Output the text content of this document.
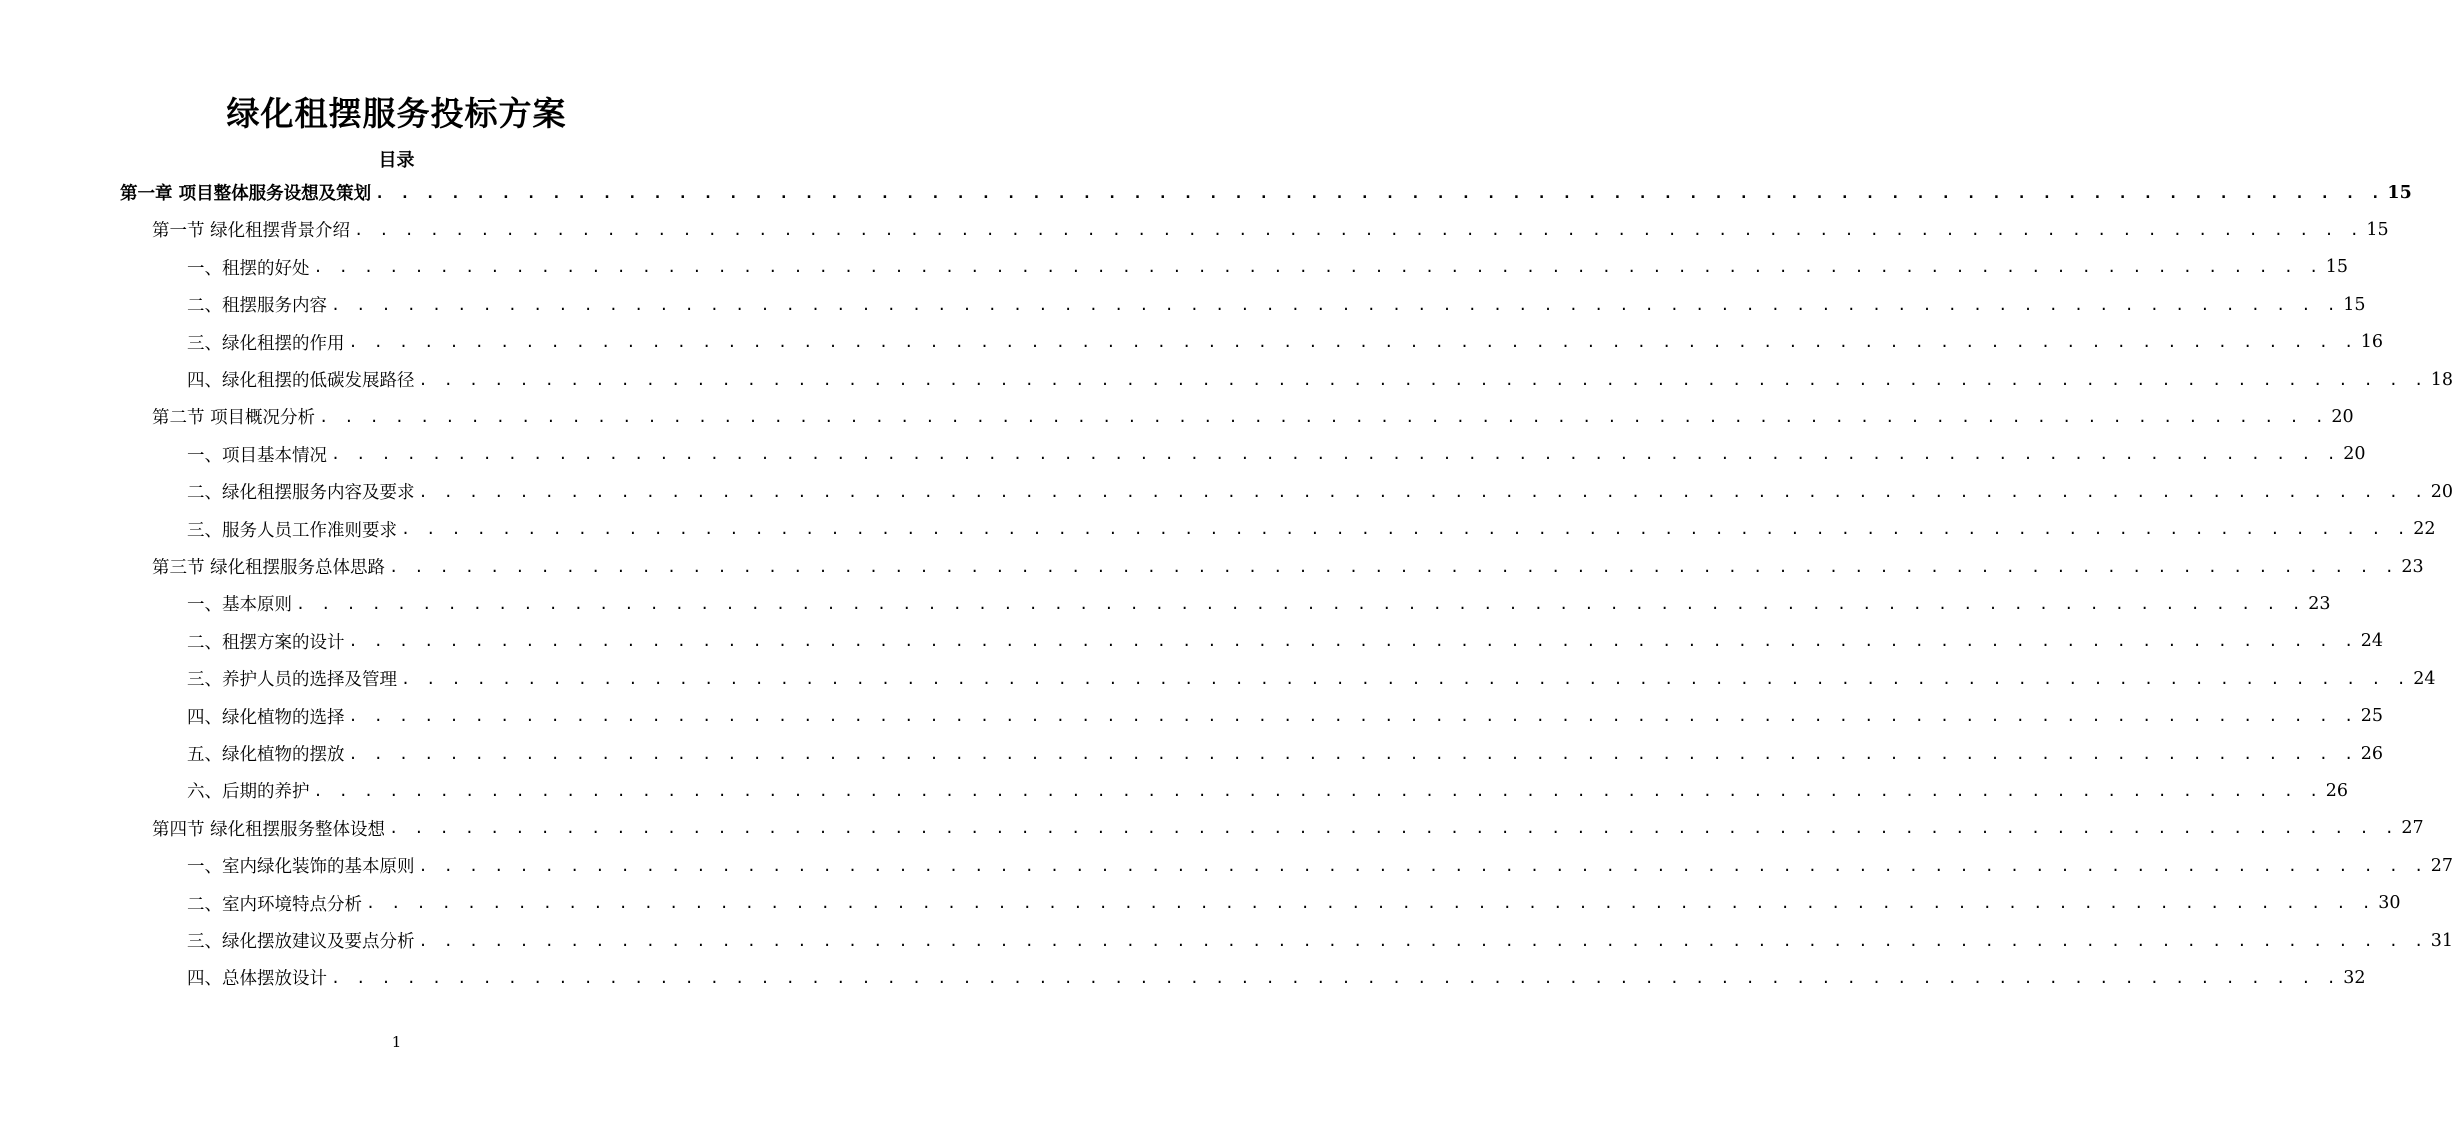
绿化租摆服务投标方案
目录
第一章 项目整体服务设想及策划 . . . . . . . . . . . . . . . . . . . . . . . . . . . . . . . . . . . . . . . . . . . . . . . . . . . . . . . . . . . . . . . . . . . . . . . . . . . . . . . . 15
第一节 绿化租摆背景介绍 . . . . . . . . . . . . . . . . . . . . . . . . . . . . . . . . . . . . . . . . . . . . . . . . . . . . . . . . . . . . . . . . . . . . . . . . . . . . . . . . 15
一、租摆的好处 . . . . . . . . . . . . . . . . . . . . . . . . . . . . . . . . . . . . . . . . . . . . . . . . . . . . . . . . . . . . . . . . . . . . . . . . . . . . . . . . 15
二、租摆服务内容 . . . . . . . . . . . . . . . . . . . . . . . . . . . . . . . . . . . . . . . . . . . . . . . . . . . . . . . . . . . . . . . . . . . . . . . . . . . . . . . . 15
三、绿化租摆的作用 . . . . . . . . . . . . . . . . . . . . . . . . . . . . . . . . . . . . . . . . . . . . . . . . . . . . . . . . . . . . . . . . . . . . . . . . . . . . . . . . 16
四、绿化租摆的低碳发展路径 . . . . . . . . . . . . . . . . . . . . . . . . . . . . . . . . . . . . . . . . . . . . . . . . . . . . . . . . . . . . . . . . . . . . . . . . . . . . . . . . 18
第二节 项目概况分析 . . . . . . . . . . . . . . . . . . . . . . . . . . . . . . . . . . . . . . . . . . . . . . . . . . . . . . . . . . . . . . . . . . . . . . . . . . . . . . . . 20
一、项目基本情况 . . . . . . . . . . . . . . . . . . . . . . . . . . . . . . . . . . . . . . . . . . . . . . . . . . . . . . . . . . . . . . . . . . . . . . . . . . . . . . . . 20
二、绿化租摆服务内容及要求 . . . . . . . . . . . . . . . . . . . . . . . . . . . . . . . . . . . . . . . . . . . . . . . . . . . . . . . . . . . . . . . . . . . . . . . . . . . . . . . . 20
三、服务人员工作准则要求 . . . . . . . . . . . . . . . . . . . . . . . . . . . . . . . . . . . . . . . . . . . . . . . . . . . . . . . . . . . . . . . . . . . . . . . . . . . . . . . . 22
第三节 绿化租摆服务总体思路 . . . . . . . . . . . . . . . . . . . . . . . . . . . . . . . . . . . . . . . . . . . . . . . . . . . . . . . . . . . . . . . . . . . . . . . . . . . . . . . . 23
一、基本原则 . . . . . . . . . . . . . . . . . . . . . . . . . . . . . . . . . . . . . . . . . . . . . . . . . . . . . . . . . . . . . . . . . . . . . . . . . . . . . . . . 23
二、租摆方案的设计 . . . . . . . . . . . . . . . . . . . . . . . . . . . . . . . . . . . . . . . . . . . . . . . . . . . . . . . . . . . . . . . . . . . . . . . . . . . . . . . . 24
三、养护人员的选择及管理 . . . . . . . . . . . . . . . . . . . . . . . . . . . . . . . . . . . . . . . . . . . . . . . . . . . . . . . . . . . . . . . . . . . . . . . . . . . . . . . . 24
四、绿化植物的选择 . . . . . . . . . . . . . . . . . . . . . . . . . . . . . . . . . . . . . . . . . . . . . . . . . . . . . . . . . . . . . . . . . . . . . . . . . . . . . . . . 25
五、绿化植物的摆放 . . . . . . . . . . . . . . . . . . . . . . . . . . . . . . . . . . . . . . . . . . . . . . . . . . . . . . . . . . . . . . . . . . . . . . . . . . . . . . . . 26
六、后期的养护 . . . . . . . . . . . . . . . . . . . . . . . . . . . . . . . . . . . . . . . . . . . . . . . . . . . . . . . . . . . . . . . . . . . . . . . . . . . . . . . . 26
第四节 绿化租摆服务整体设想 . . . . . . . . . . . . . . . . . . . . . . . . . . . . . . . . . . . . . . . . . . . . . . . . . . . . . . . . . . . . . . . . . . . . . . . . . . . . . . . . 27
一、室内绿化装饰的基本原则 . . . . . . . . . . . . . . . . . . . . . . . . . . . . . . . . . . . . . . . . . . . . . . . . . . . . . . . . . . . . . . . . . . . . . . . . . . . . . . . . 27
二、室内环境特点分析 . . . . . . . . . . . . . . . . . . . . . . . . . . . . . . . . . . . . . . . . . . . . . . . . . . . . . . . . . . . . . . . . . . . . . . . . . . . . . . . . 30
三、绿化摆放建议及要点分析 . . . . . . . . . . . . . . . . . . . . . . . . . . . . . . . . . . . . . . . . . . . . . . . . . . . . . . . . . . . . . . . . . . . . . . . . . . . . . . . . 31
四、总体摆放设计 . . . . . . . . . . . . . . . . . . . . . . . . . . . . . . . . . . . . . . . . . . . . . . . . . . . . . . . . . . . . . . . . . . . . . . . . . . . . . . . . 32
1
